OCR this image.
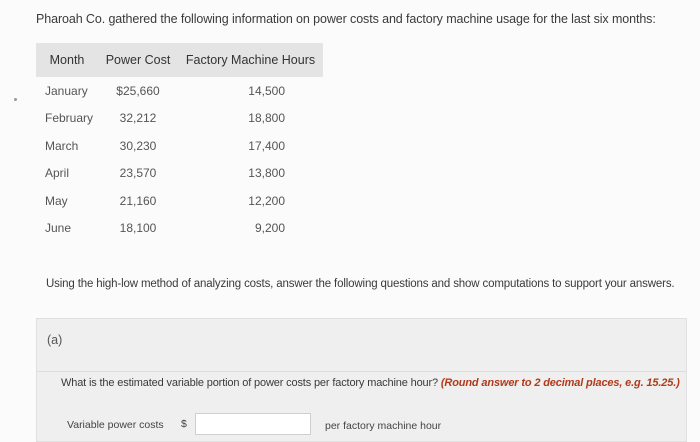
Pharoah Co. gathered the following information on power costs and factory machine usage for the last six months:

Month	Power Cost	Factory Machine Hours
January	$25,660	14,500
February	32,212	18,800
March	30,230	17,400
April	23,570	13,800
May	21,160	12,200
June	18,100	9,200

Using the high-low method of analyzing costs, answer the following questions and show computations to support your answers.

(a)

What is the estimated variable portion of power costs per factory machine hour? (Round answer to 2 decimal places, e.g. 15.25.)

Variable power costs $	per factory machine hour
